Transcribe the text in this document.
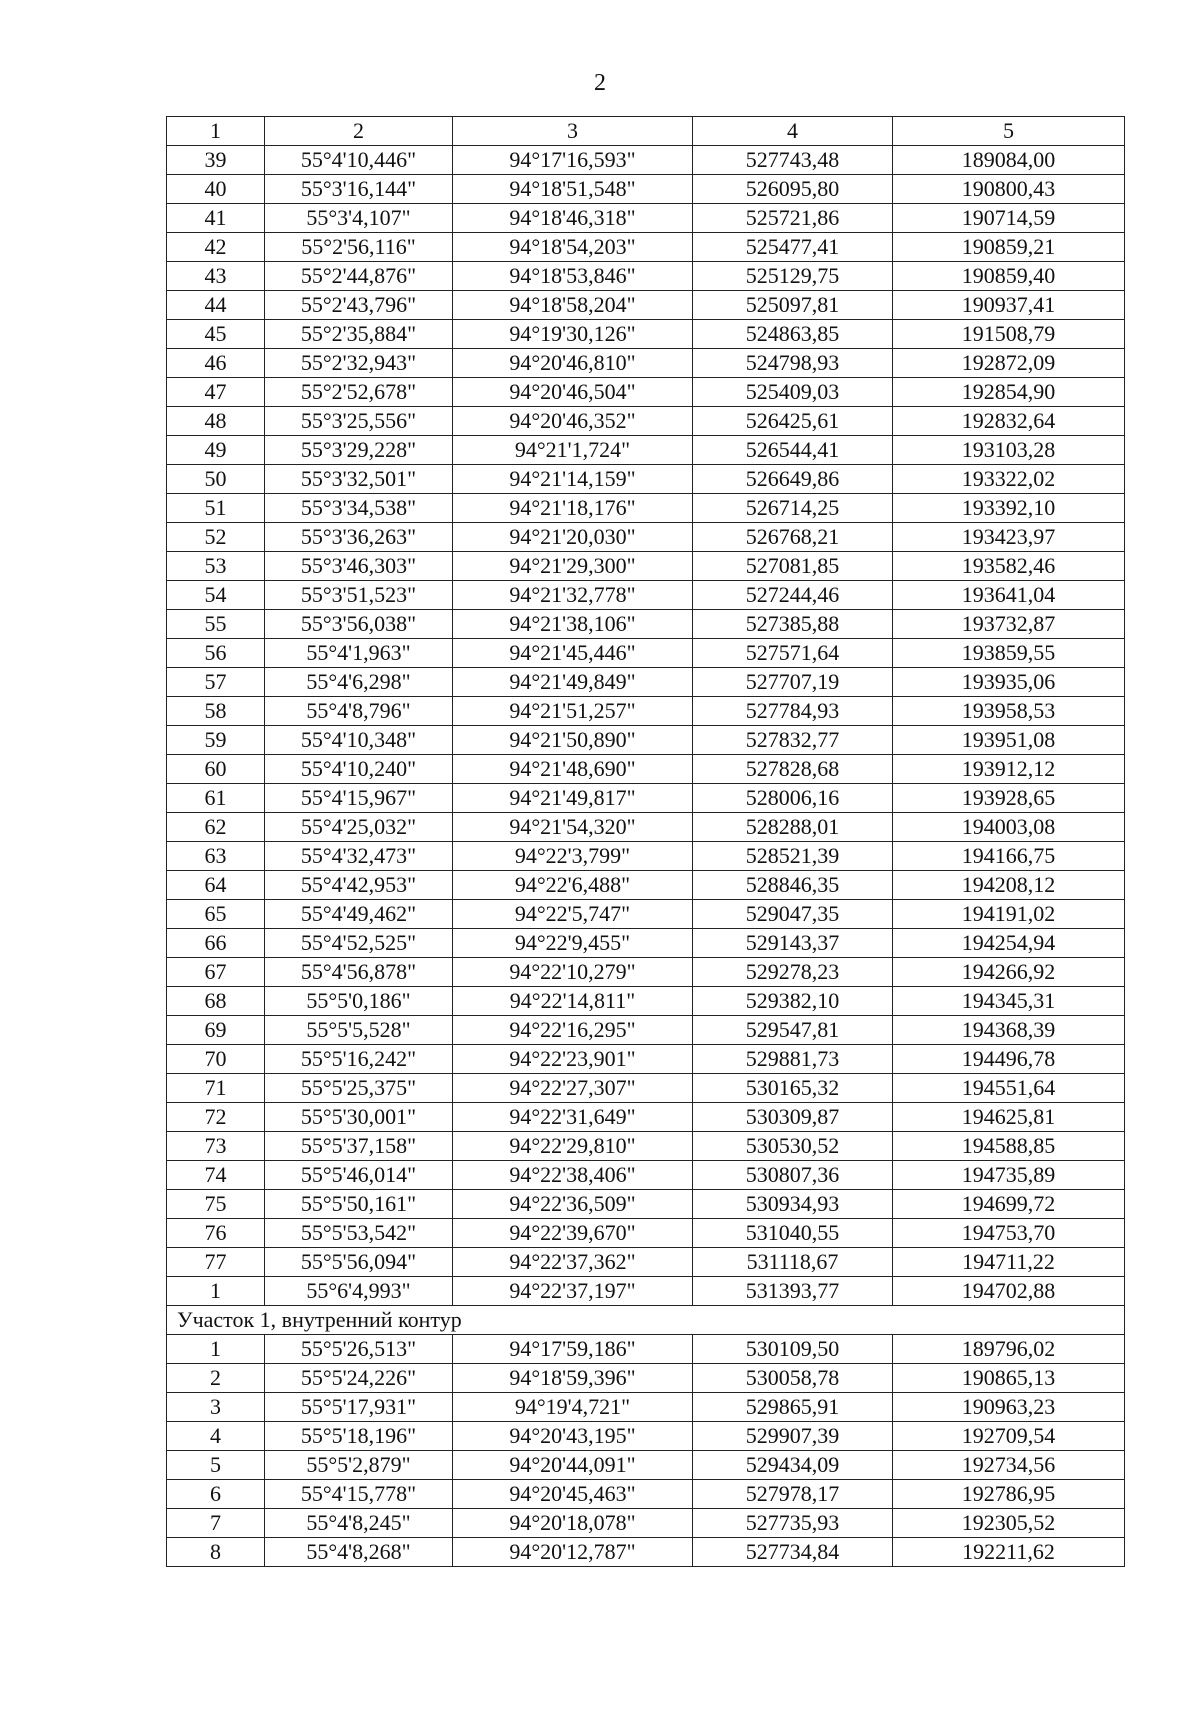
2
1	2	3	4	5
39	55°4'10,446"	94°17'16,593"	527743,48	189084,00
40	55°3'16,144"	94°18'51,548"	526095,80	190800,43
41	55°3'4,107"	94°18'46,318"	525721,86	190714,59
42	55°2'56,116"	94°18'54,203"	525477,41	190859,21
43	55°2'44,876"	94°18'53,846"	525129,75	190859,40
44	55°2'43,796"	94°18'58,204"	525097,81	190937,41
45	55°2'35,884"	94°19'30,126"	524863,85	191508,79
46	55°2'32,943"	94°20'46,810"	524798,93	192872,09
47	55°2'52,678"	94°20'46,504"	525409,03	192854,90
48	55°3'25,556"	94°20'46,352"	526425,61	192832,64
49	55°3'29,228"	94°21'1,724"	526544,41	193103,28
50	55°3'32,501"	94°21'14,159"	526649,86	193322,02
51	55°3'34,538"	94°21'18,176"	526714,25	193392,10
52	55°3'36,263"	94°21'20,030"	526768,21	193423,97
53	55°3'46,303"	94°21'29,300"	527081,85	193582,46
54	55°3'51,523"	94°21'32,778"	527244,46	193641,04
55	55°3'56,038"	94°21'38,106"	527385,88	193732,87
56	55°4'1,963"	94°21'45,446"	527571,64	193859,55
57	55°4'6,298"	94°21'49,849"	527707,19	193935,06
58	55°4'8,796"	94°21'51,257"	527784,93	193958,53
59	55°4'10,348"	94°21'50,890"	527832,77	193951,08
60	55°4'10,240"	94°21'48,690"	527828,68	193912,12
61	55°4'15,967"	94°21'49,817"	528006,16	193928,65
62	55°4'25,032"	94°21'54,320"	528288,01	194003,08
63	55°4'32,473"	94°22'3,799"	528521,39	194166,75
64	55°4'42,953"	94°22'6,488"	528846,35	194208,12
65	55°4'49,462"	94°22'5,747"	529047,35	194191,02
66	55°4'52,525"	94°22'9,455"	529143,37	194254,94
67	55°4'56,878"	94°22'10,279"	529278,23	194266,92
68	55°5'0,186"	94°22'14,811"	529382,10	194345,31
69	55°5'5,528"	94°22'16,295"	529547,81	194368,39
70	55°5'16,242"	94°22'23,901"	529881,73	194496,78
71	55°5'25,375"	94°22'27,307"	530165,32	194551,64
72	55°5'30,001"	94°22'31,649"	530309,87	194625,81
73	55°5'37,158"	94°22'29,810"	530530,52	194588,85
74	55°5'46,014"	94°22'38,406"	530807,36	194735,89
75	55°5'50,161"	94°22'36,509"	530934,93	194699,72
76	55°5'53,542"	94°22'39,670"	531040,55	194753,70
77	55°5'56,094"	94°22'37,362"	531118,67	194711,22
1	55°6'4,993"	94°22'37,197"	531393,77	194702,88
Участок 1, внутренний контур				
1	55°5'26,513"	94°17'59,186"	530109,50	189796,02
2	55°5'24,226"	94°18'59,396"	530058,78	190865,13
3	55°5'17,931"	94°19'4,721"	529865,91	190963,23
4	55°5'18,196"	94°20'43,195"	529907,39	192709,54
5	55°5'2,879"	94°20'44,091"	529434,09	192734,56
6	55°4'15,778"	94°20'45,463"	527978,17	192786,95
7	55°4'8,245"	94°20'18,078"	527735,93	192305,52
8	55°4'8,268"	94°20'12,787"	527734,84	192211,62
